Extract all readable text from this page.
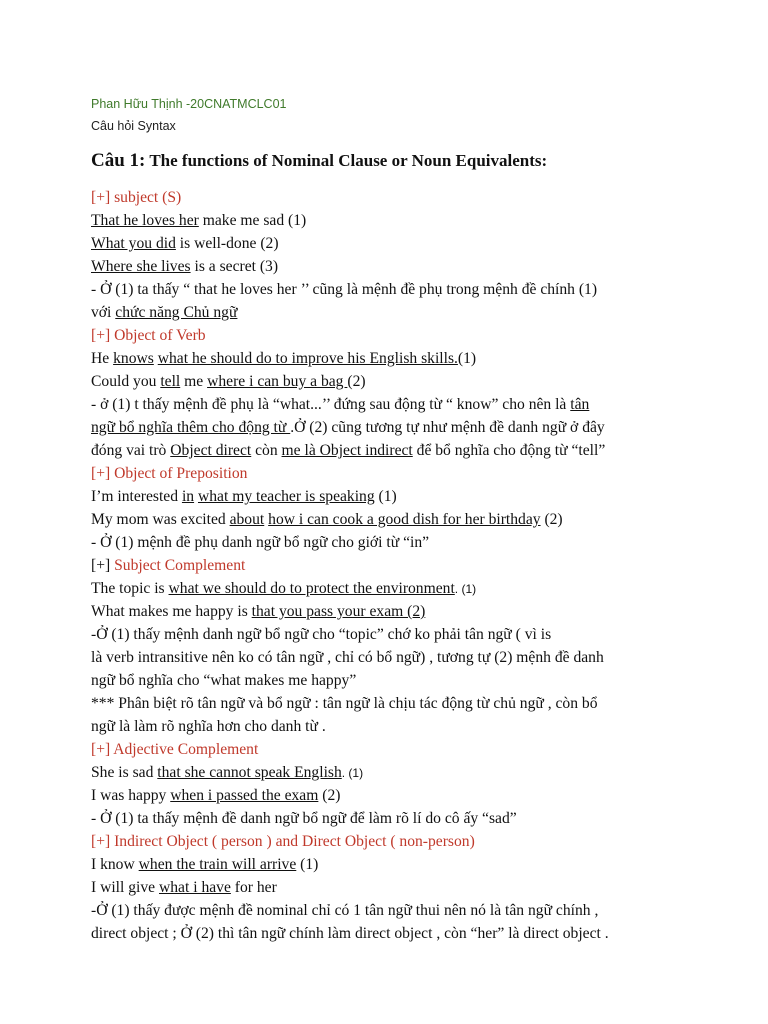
Phan Hữu Thịnh -20CNATMCLC01
Câu hỏi Syntax
Câu 1: The functions of Nominal Clause or Noun Equivalents:
[+] subject (S)
That he loves her make me sad (1)
What you did is well-done (2)
Where she lives is a secret (3)
- Ở (1) ta thấy “ that he loves her ’’ cũng là mệnh đề phụ trong mệnh đề chính (1)
với chức năng Chủ ngữ
[+] Object of Verb
He knows what he should do to improve his English skills.(1)
Could you tell me where i can buy a bag (2)
- ở (1) t thấy mệnh đề phụ là “what...’’ đứng sau động từ “ know” cho nên là tân
ngữ bổ nghĩa thêm cho động từ .Ở (2) cũng tương tự như mệnh đề danh ngữ ở đây
đóng vai trò Object direct còn me là Object indirect để bổ nghĩa cho động từ “tell”
[+] Object of Preposition
I’m interested in what my teacher is speaking (1)
My mom was excited about how i can cook a good dish for her birthday (2)
- Ở (1) mệnh đề phụ danh ngữ bổ ngữ cho giới từ “in”
[+] Subject Complement
The topic is what we should do to protect the environment. (1)
What makes me happy is that you pass your exam (2)
-Ở (1) thấy mệnh danh ngữ bổ ngữ cho “topic” chớ ko phải tân ngữ ( vì is
là verb intransitive nên ko có tân ngữ , chỉ có bổ ngữ) , tương tự (2) mệnh đề danh
ngữ bổ nghĩa cho “what makes me happy”
*** Phân biệt rõ tân ngữ và bổ ngữ : tân ngữ là chịu tác động từ chủ ngữ , còn bổ
ngữ là làm rõ nghĩa hơn cho danh từ .
[+] Adjective Complement
She is sad that she cannot speak English. (1)
I was happy when i passed the exam (2)
- Ở (1) ta thấy mệnh đề danh ngữ bổ ngữ để làm rõ lí do cô ấy “sad”
[+] Indirect Object ( person ) and Direct Object ( non-person)
I know when the train will arrive (1)
I will give what i have for her
-Ở (1) thấy được mệnh đề nominal chỉ có 1 tân ngữ thui nên nó là tân ngữ chính ,
direct object ; Ở (2) thì tân ngữ chính làm direct object , còn “her” là direct object .
